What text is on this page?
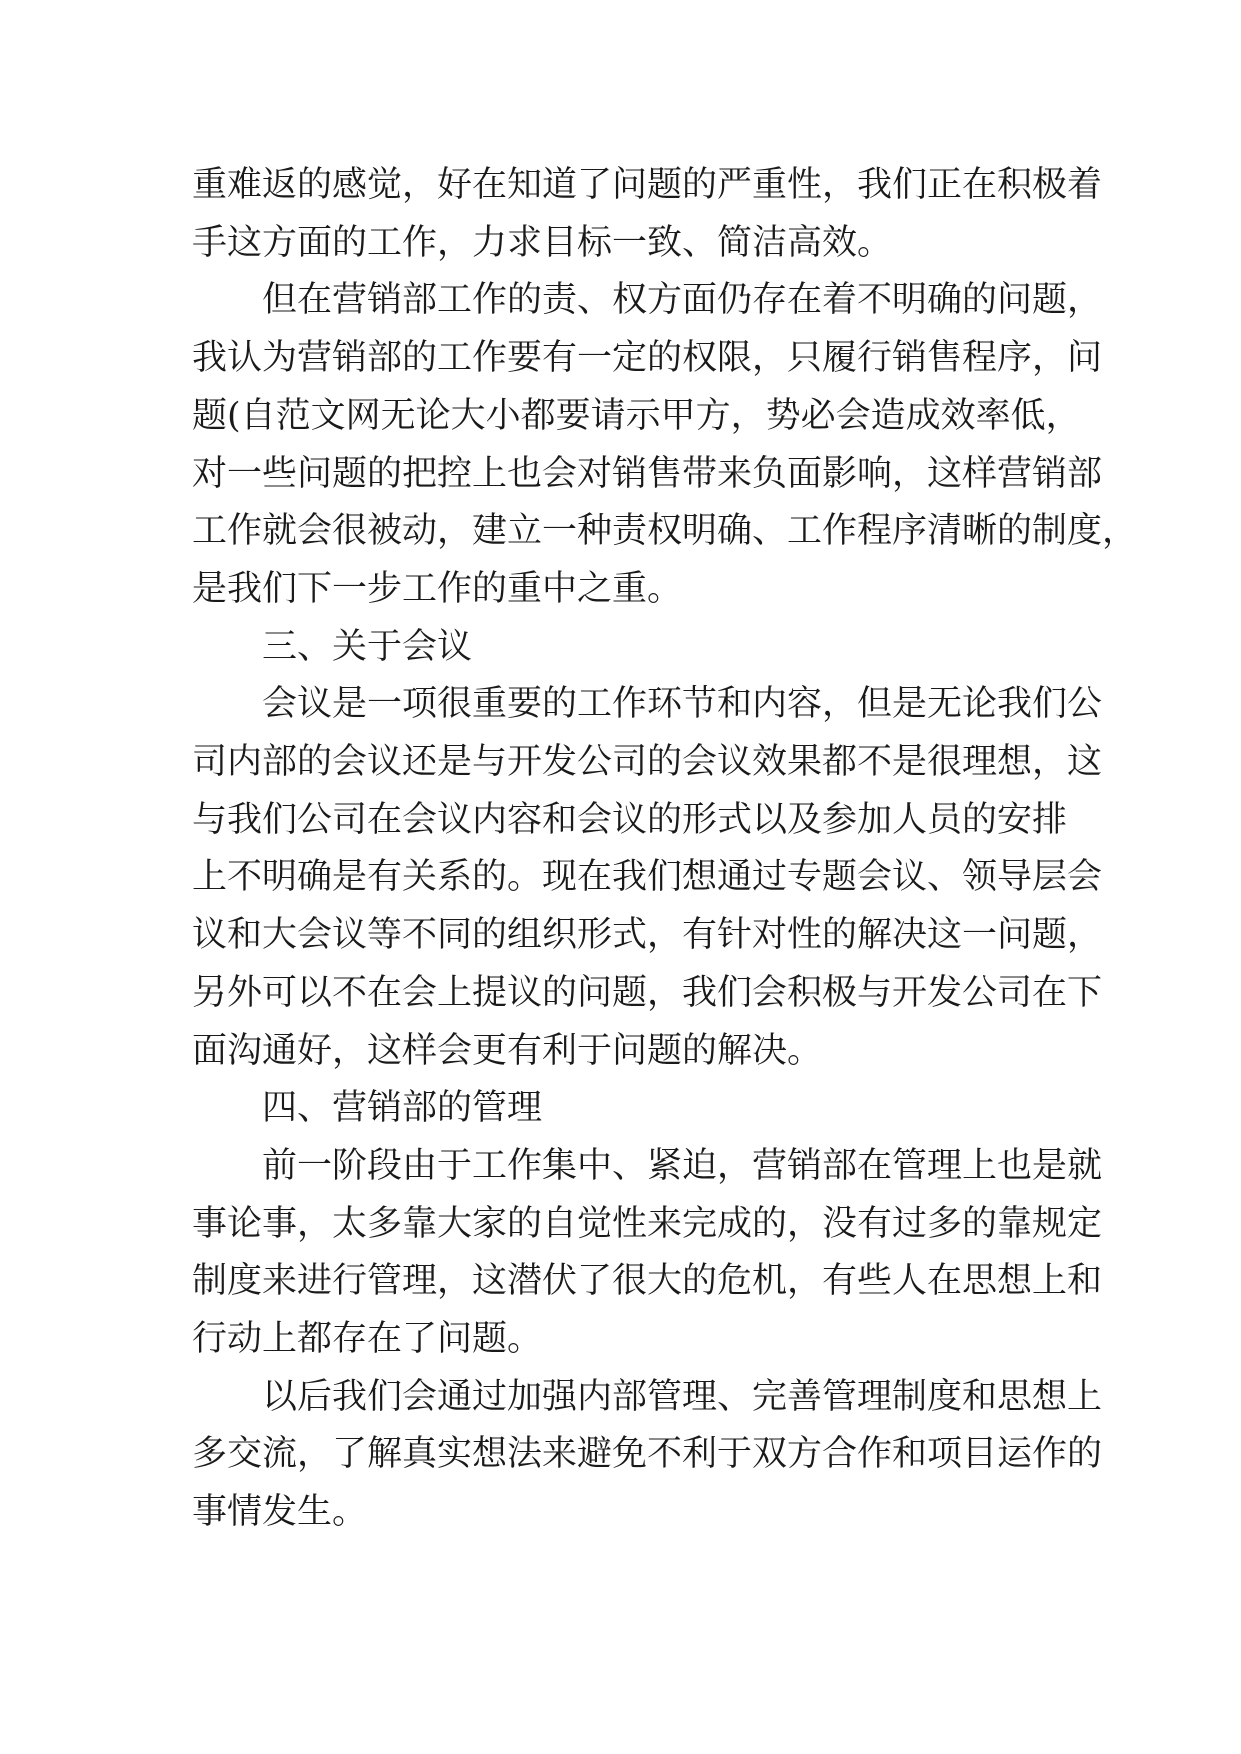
重难返的感觉，好在知道了问题的严重性，我们正在积极着
手这方面的工作，力求目标一致、简洁高效。

但在营销部工作的责、权方面仍存在着不明确的问题，
我认为营销部的工作要有一定的权限，只履行销售程序，问
题(自范文网无论大小都要请示甲方，势必会造成效率低，
对一些问题的把控上也会对销售带来负面影响，这样营销部
工作就会很被动，建立一种责权明确、工作程序清晰的制度，
是我们下一步工作的重中之重。

三、关于会议

会议是一项很重要的工作环节和内容，但是无论我们公
司内部的会议还是与开发公司的会议效果都不是很理想，这
与我们公司在会议内容和会议的形式以及参加人员的安排
上不明确是有关系的。现在我们想通过专题会议、领导层会
议和大会议等不同的组织形式，有针对性的解决这一问题，
另外可以不在会上提议的问题，我们会积极与开发公司在下
面沟通好，这样会更有利于问题的解决。

四、营销部的管理

前一阶段由于工作集中、紧迫，营销部在管理上也是就
事论事，太多靠大家的自觉性来完成的，没有过多的靠规定
制度来进行管理，这潜伏了很大的危机，有些人在思想上和
行动上都存在了问题。

以后我们会通过加强内部管理、完善管理制度和思想上
多交流，了解真实想法来避免不利于双方合作和项目运作的
事情发生。
